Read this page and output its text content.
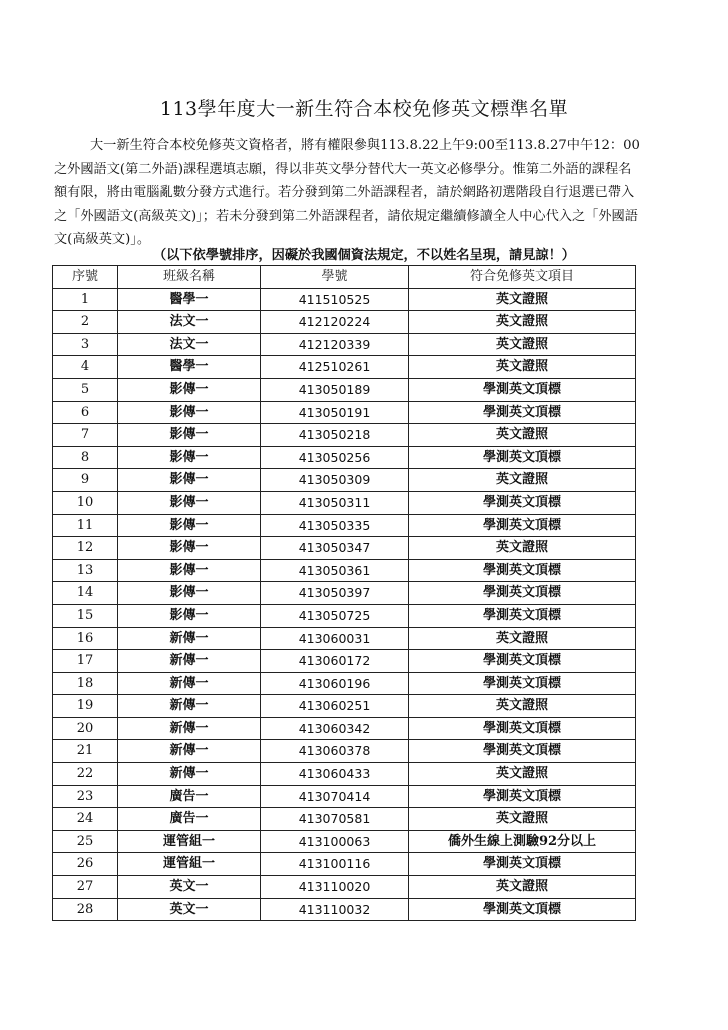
113學年度大一新生符合本校免修英文標準名單
大一新生符合本校免修英文資格者，將有權限參與113.8.22上午9:00至113.8.27中午12：00之外國語文(第二外語)課程選填志願，得以非英文學分替代大一英文必修學分。惟第二外語的課程名額有限，將由電腦亂數分發方式進行。若分發到第二外語課程者，請於網路初選階段自行退選已帶入之「外國語文(高級英文)」；若未分發到第二外語課程者，請依規定繼續修讀全人中心代入之「外國語文(高級英文)」。
（以下依學號排序，因礙於我國個資法規定，不以姓名呈現，請見諒！）
序號	班級名稱	學號	符合免修英文項目
1	醫學一	411510525	英文證照
2	法文一	412120224	英文證照
3	法文一	412120339	英文證照
4	醫學一	412510261	英文證照
5	影傳一	413050189	學測英文頂標
6	影傳一	413050191	學測英文頂標
7	影傳一	413050218	英文證照
8	影傳一	413050256	學測英文頂標
9	影傳一	413050309	英文證照
10	影傳一	413050311	學測英文頂標
11	影傳一	413050335	學測英文頂標
12	影傳一	413050347	英文證照
13	影傳一	413050361	學測英文頂標
14	影傳一	413050397	學測英文頂標
15	影傳一	413050725	學測英文頂標
16	新傳一	413060031	英文證照
17	新傳一	413060172	學測英文頂標
18	新傳一	413060196	學測英文頂標
19	新傳一	413060251	英文證照
20	新傳一	413060342	學測英文頂標
21	新傳一	413060378	學測英文頂標
22	新傳一	413060433	英文證照
23	廣告一	413070414	學測英文頂標
24	廣告一	413070581	英文證照
25	運管組一	413100063	僑外生線上測驗92分以上
26	運管組一	413100116	學測英文頂標
27	英文一	413110020	英文證照
28	英文一	413110032	學測英文頂標
